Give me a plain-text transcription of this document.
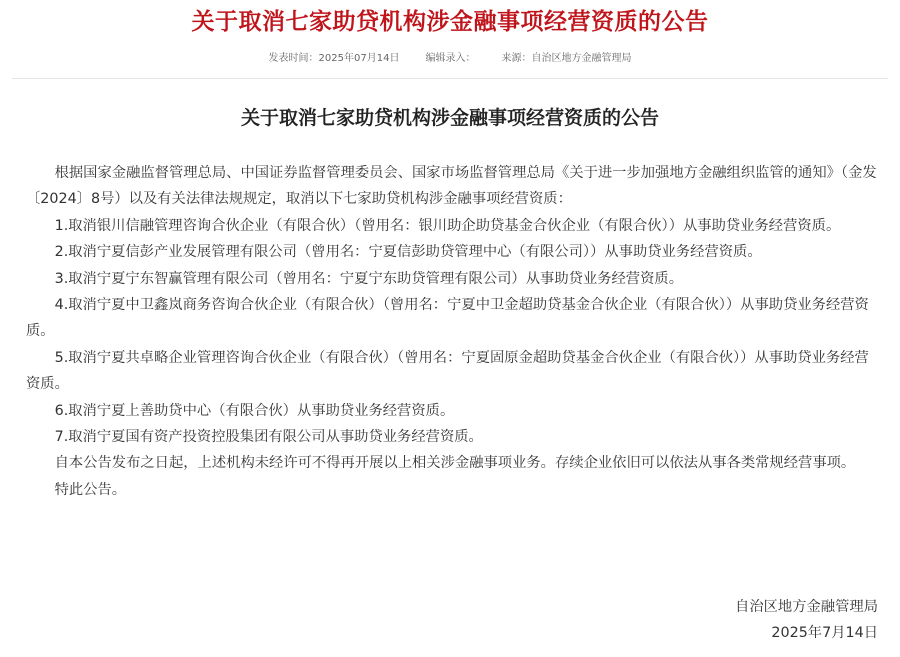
关于取消七家助贷机构涉金融事项经营资质的公告
发表时间：2025年07月14日	编辑录入：	来源：自治区地方金融管理局
关于取消七家助贷机构涉金融事项经营资质的公告

根据国家金融监督管理总局、中国证券监督管理委员会、国家市场监督管理总局《关于进一步加强地方金融组织监管的通知》（金发〔2024〕8号）以及有关法律法规规定，取消以下七家助贷机构涉金融事项经营资质：

1.取消银川信融管理咨询合伙企业（有限合伙）（曾用名：银川助企助贷基金合伙企业（有限合伙））从事助贷业务经营资质。

2.取消宁夏信彭产业发展管理有限公司（曾用名：宁夏信彭助贷管理中心（有限公司））从事助贷业务经营资质。

3.取消宁夏宁东智赢管理有限公司（曾用名：宁夏宁东助贷管理有限公司）从事助贷业务经营资质。

4.取消宁夏中卫鑫岚商务咨询合伙企业（有限合伙）（曾用名：宁夏中卫金超助贷基金合伙企业（有限合伙））从事助贷业务经营资质。

5.取消宁夏共卓略企业管理咨询合伙企业（有限合伙）（曾用名：宁夏固原金超助贷基金合伙企业（有限合伙））从事助贷业务经营资质。

6.取消宁夏上善助贷中心（有限合伙）从事助贷业务经营资质。

7.取消宁夏国有资产投资控股集团有限公司从事助贷业务经营资质。

自本公告发布之日起，上述机构未经许可不得再开展以上相关涉金融事项业务。存续企业依旧可以依法从事各类常规经营事项。

特此公告。

自治区地方金融管理局
2025年7月14日
